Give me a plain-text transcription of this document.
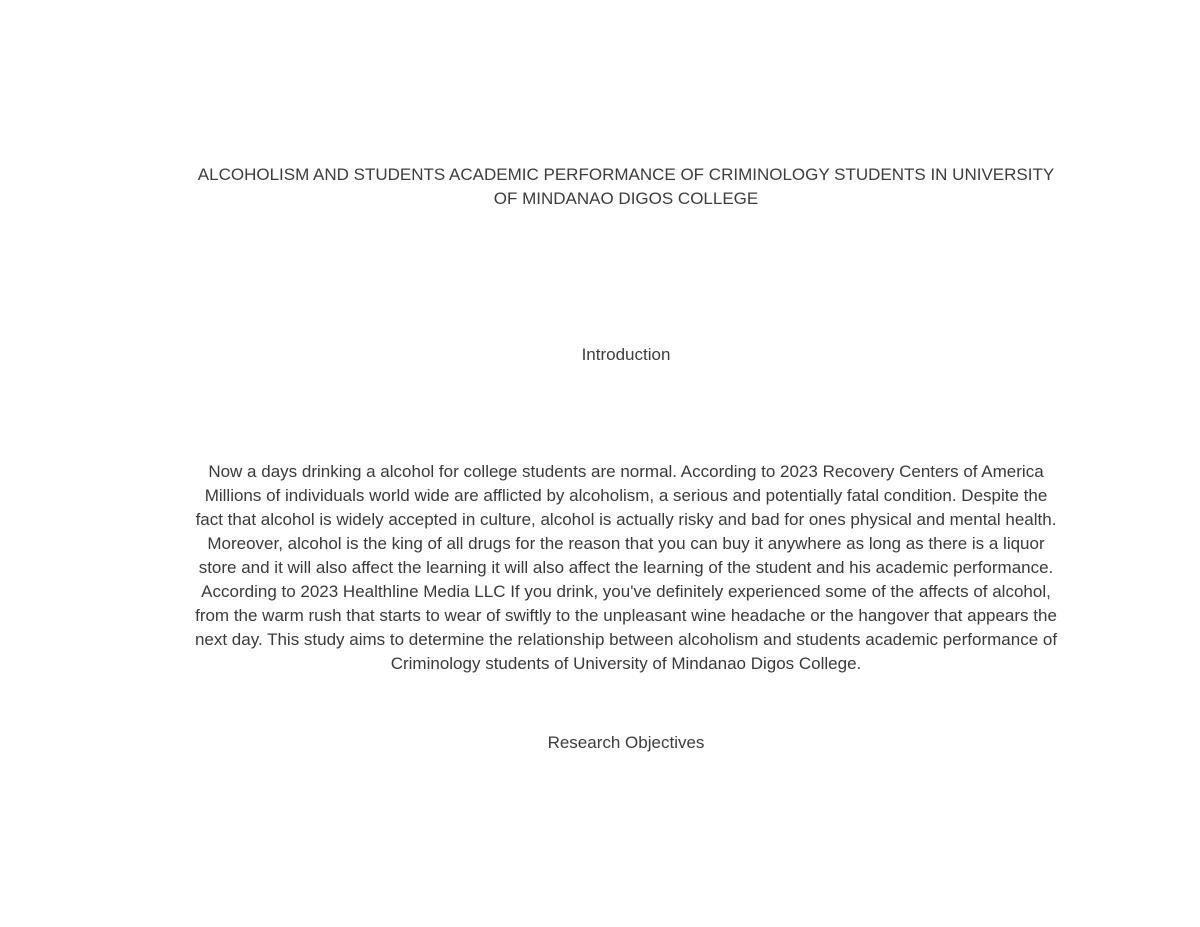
ALCOHOLISM AND STUDENTS ACADEMIC PERFORMANCE OF CRIMINOLOGY STUDENTS IN UNIVERSITY
OF MINDANAO DIGOS COLLEGE
Introduction

Now a days drinking a alcohol for college students are normal. According to 2023 Recovery Centers of America
Millions of individuals world wide are afflicted by alcoholism, a serious and potentially fatal condition. Despite the
fact that alcohol is widely accepted in culture, alcohol is actually risky and bad for ones physical and mental health.
Moreover, alcohol is the king of all drugs for the reason that you can buy it anywhere as long as there is a liquor
store and it will also affect the learning it will also affect the learning of the student and his academic performance.
According to 2023 Healthline Media LLC If you drink, you've definitely experienced some of the affects of alcohol,
from the warm rush that starts to wear of swiftly to the unpleasant wine headache or the hangover that appears the
next day. This study aims to determine the relationship between alcoholism and students academic performance of
Criminology students of University of Mindanao Digos College.

Research Objectives
